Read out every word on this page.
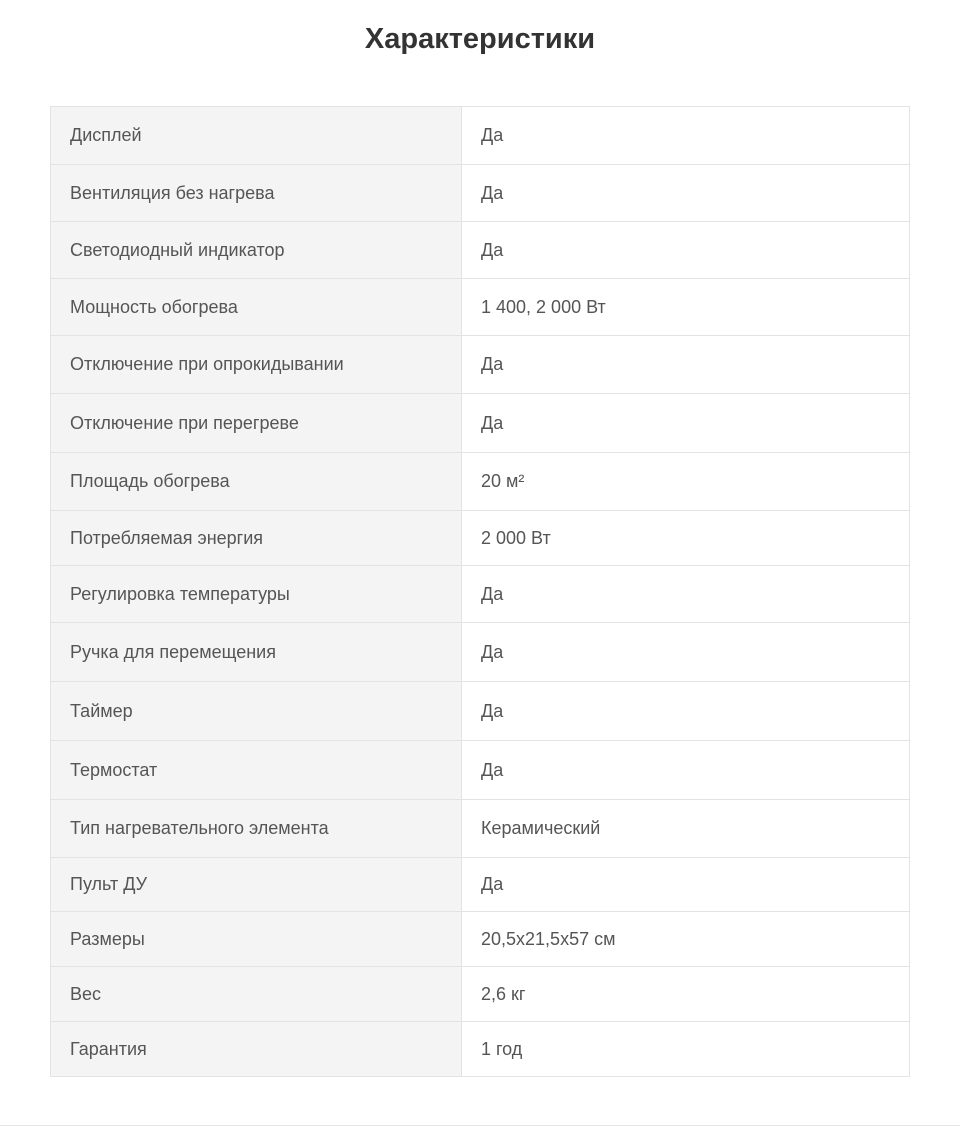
Характеристики
Дисплей	Да
Вентиляция без нагрева	Да
Светодиодный индикатор	Да
Мощность обогрева	1 400, 2 000 Вт
Отключение при опрокидывании	Да
Отключение при перегреве	Да
Площадь обогрева	20 м²
Потребляемая энергия	2 000 Вт
Регулировка температуры	Да
Ручка для перемещения	Да
Таймер	Да
Термостат	Да
Тип нагревательного элемента	Керамический
Пульт ДУ	Да
Размеры	20,5x21,5x57 см
Вес	2,6 кг
Гарантия	1 год
